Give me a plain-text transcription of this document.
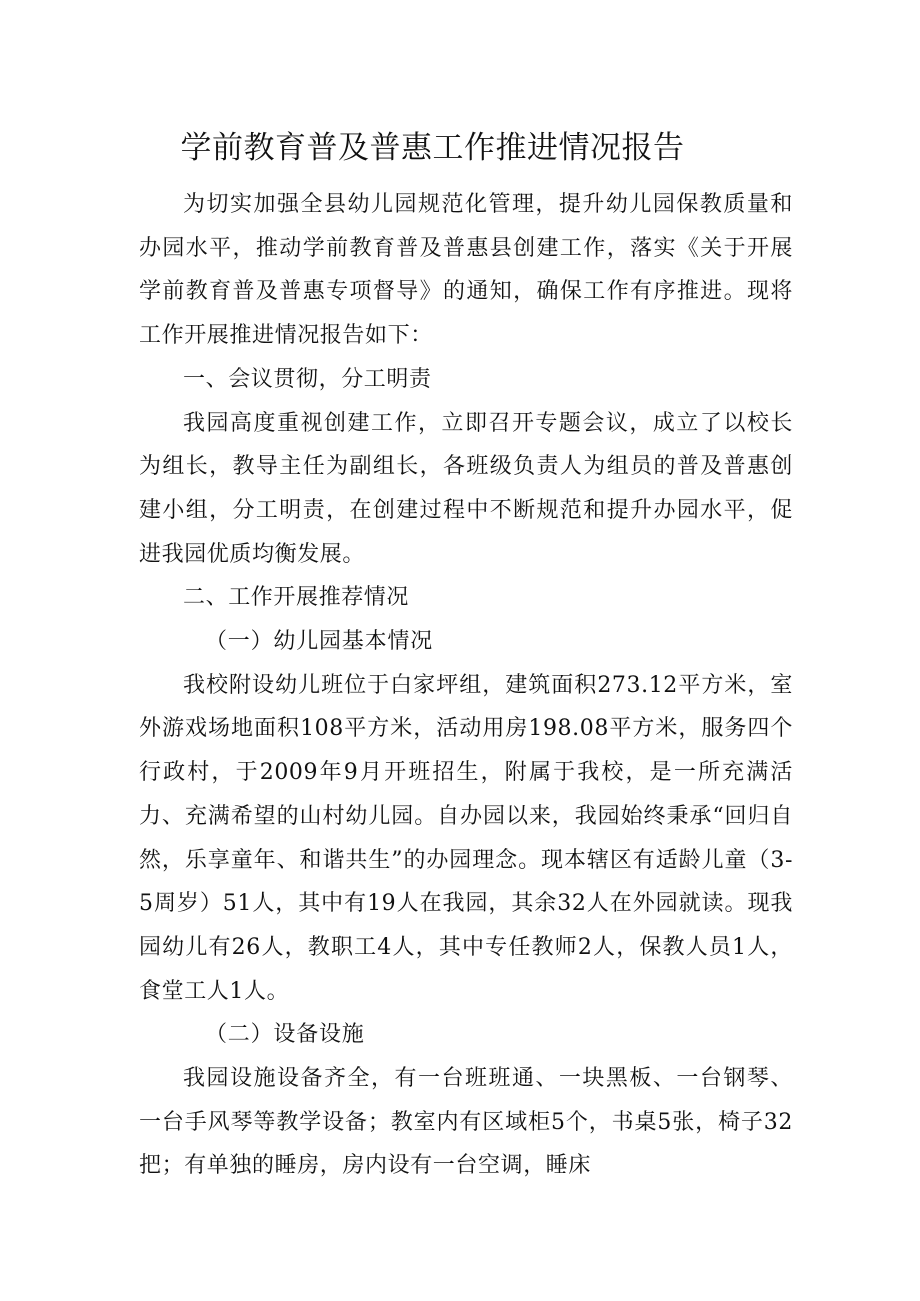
学前教育普及普惠工作推进情况报告

为切实加强全县幼儿园规范化管理，提升幼儿园保教质量和办园水平，推动学前教育普及普惠县创建工作，落实《关于开展学前教育普及普惠专项督导》的通知，确保工作有序推进。现将工作开展推进情况报告如下：

一、会议贯彻，分工明责

我园高度重视创建工作，立即召开专题会议，成立了以校长为组长，教导主任为副组长，各班级负责人为组员的普及普惠创建小组，分工明责，在创建过程中不断规范和提升办园水平，促进我园优质均衡发展。

二、工作开展推荐情况

（一）幼儿园基本情况

我校附设幼儿班位于白家坪组，建筑面积273.12平方米，室外游戏场地面积108平方米，活动用房198.08平方米，服务四个行政村，于2009年9月开班招生，附属于我校，是一所充满活力、充满希望的山村幼儿园。自办园以来，我园始终秉承“回归自然，乐享童年、和谐共生”的办园理念。现本辖区有适龄儿童（3-5周岁）51人，其中有19人在我园，其余32人在外园就读。现我园幼儿有26人，教职工4人，其中专任教师2人，保教人员1人，食堂工人1人。

（二）设备设施

我园设施设备齐全，有一台班班通、一块黑板、一台钢琴、一台手风琴等教学设备；教室内有区域柜5个，书桌5张，椅子32把；有单独的睡房，房内设有一台空调，睡床
